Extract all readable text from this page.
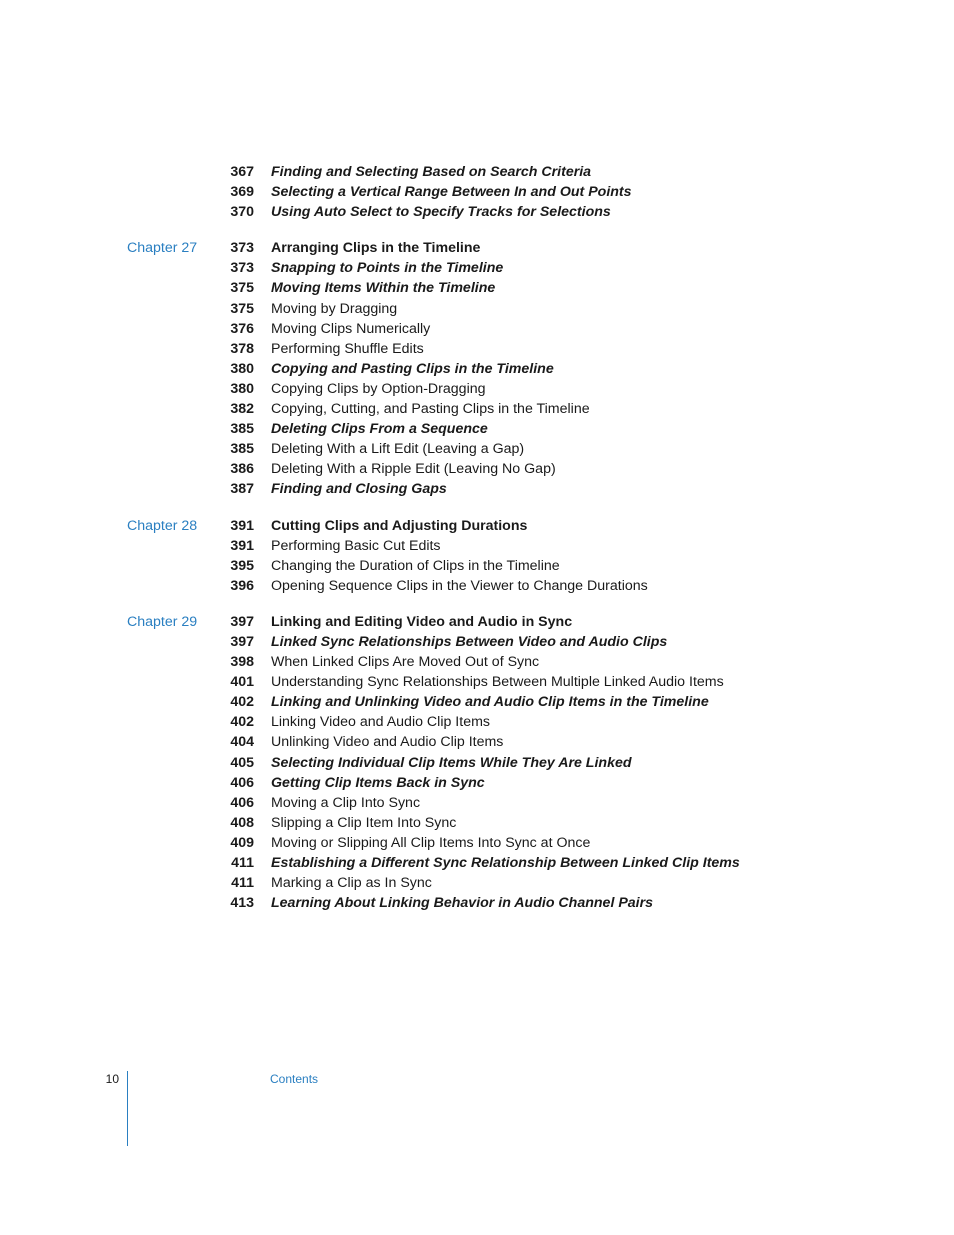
367 Finding and Selecting Based on Search Criteria
369 Selecting a Vertical Range Between In and Out Points
370 Using Auto Select to Specify Tracks for Selections
Chapter 27	373 Arranging Clips in the Timeline
373 Snapping to Points in the Timeline
375 Moving Items Within the Timeline
375 Moving by Dragging
376 Moving Clips Numerically
378 Performing Shuffle Edits
380 Copying and Pasting Clips in the Timeline
380 Copying Clips by Option-Dragging
382 Copying, Cutting, and Pasting Clips in the Timeline
385 Deleting Clips From a Sequence
385 Deleting With a Lift Edit (Leaving a Gap)
386 Deleting With a Ripple Edit (Leaving No Gap)
387 Finding and Closing Gaps
Chapter 28	391 Cutting Clips and Adjusting Durations
391 Performing Basic Cut Edits
395 Changing the Duration of Clips in the Timeline
396 Opening Sequence Clips in the Viewer to Change Durations
Chapter 29	397 Linking and Editing Video and Audio in Sync
397 Linked Sync Relationships Between Video and Audio Clips
398 When Linked Clips Are Moved Out of Sync
401 Understanding Sync Relationships Between Multiple Linked Audio Items
402 Linking and Unlinking Video and Audio Clip Items in the Timeline
402 Linking Video and Audio Clip Items
404 Unlinking Video and Audio Clip Items
405 Selecting Individual Clip Items While They Are Linked
406 Getting Clip Items Back in Sync
406 Moving a Clip Into Sync
408 Slipping a Clip Item Into Sync
409 Moving or Slipping All Clip Items Into Sync at Once
411 Establishing a Different Sync Relationship Between Linked Clip Items
411 Marking a Clip as In Sync
413 Learning About Linking Behavior in Audio Channel Pairs
10	Contents
